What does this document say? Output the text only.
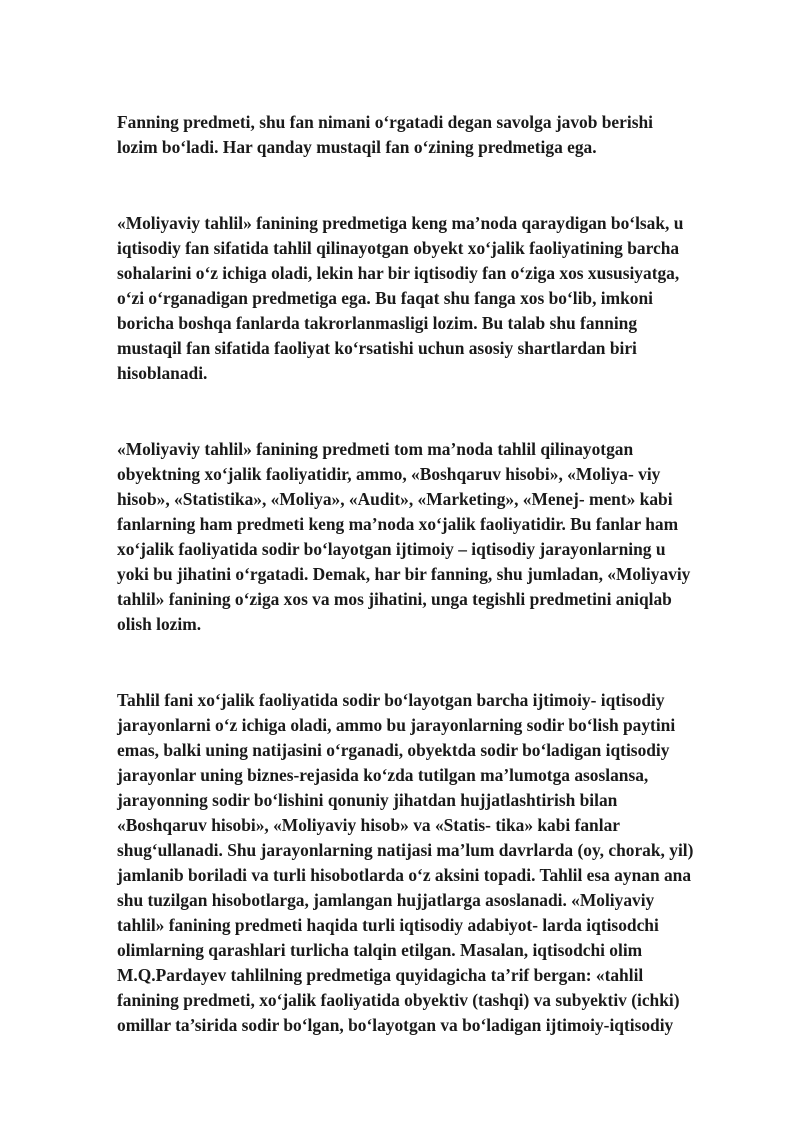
Fanning predmeti, shu fan nimani o‘rgatadi degan savolga javob berishi
lozim bo‘ladi. Har qanday mustaqil fan o‘zining predmetiga ega.

«Moliyaviy tahlil» fanining predmetiga keng ma’noda qaraydigan bo‘lsak, u
iqtisodiy fan sifatida tahlil qilinayotgan obyekt xo‘jalik faoliyatining barcha
sohalarini o‘z ichiga oladi, lekin har bir iqtisodiy fan o‘ziga xos xususiyatga,
o‘zi o‘rganadigan predmetiga ega. Bu faqat shu fanga xos bo‘lib, imkoni
boricha boshqa fanlarda takrorlanmasligi lozim. Bu talab shu fanning
mustaqil fan sifatida faoliyat ko‘rsatishi uchun asosiy shartlardan biri
hisoblanadi.

«Moliyaviy tahlil» fanining predmeti tom ma’noda tahlil qilinayotgan
obyektning xo‘jalik faoliyatidir, ammo, «Boshqaruv hisobi», «Moliya- viy
hisob», «Statistika», «Moliya», «Audit», «Marketing», «Menej- ment» kabi
fanlarning ham predmeti keng ma’noda xo‘jalik faoliyatidir. Bu fanlar ham
xo‘jalik faoliyatida sodir bo‘layotgan ijtimoiy – iqtisodiy jarayonlarning u
yoki bu jihatini o‘rgatadi. Demak, har bir fanning, shu jumladan, «Moliyaviy
tahlil» fanining o‘ziga xos va mos jihatini, unga tegishli predmetini aniqlab
olish lozim.

Tahlil fani xo‘jalik faoliyatida sodir bo‘layotgan barcha ijtimoiy- iqtisodiy
jarayonlarni o‘z ichiga oladi, ammo bu jarayonlarning sodir bo‘lish paytini
emas, balki uning natijasini o‘rganadi, obyektda sodir bo‘ladigan iqtisodiy
jarayonlar uning biznes-rejasida ko‘zda tutilgan ma’lumotga asoslansa,
jarayonning sodir bo‘lishini qonuniy jihatdan hujjatlashtirish bilan
«Boshqaruv hisobi», «Moliyaviy hisob» va «Statis- tika» kabi fanlar
shug‘ullanadi. Shu jarayonlarning natijasi ma’lum davrlarda (oy, chorak, yil)
jamlanib boriladi va turli hisobotlarda o‘z aksini topadi. Tahlil esa aynan ana
shu tuzilgan hisobotlarga, jamlangan hujjatlarga asoslanadi. «Moliyaviy
tahlil» fanining predmeti haqida turli iqtisodiy adabiyot- larda iqtisodchi
olimlarning qarashlari turlicha talqin etilgan. Masalan, iqtisodchi olim
M.Q.Pardayev tahlilning predmetiga quyidagicha ta’rif bergan: «tahlil
fanining predmeti, xo‘jalik faoliyatida obyektiv (tashqi) va subyektiv (ichki)
omillar ta’sirida sodir bo‘lgan, bo‘layotgan va bo‘ladigan ijtimoiy-iqtisodiy
